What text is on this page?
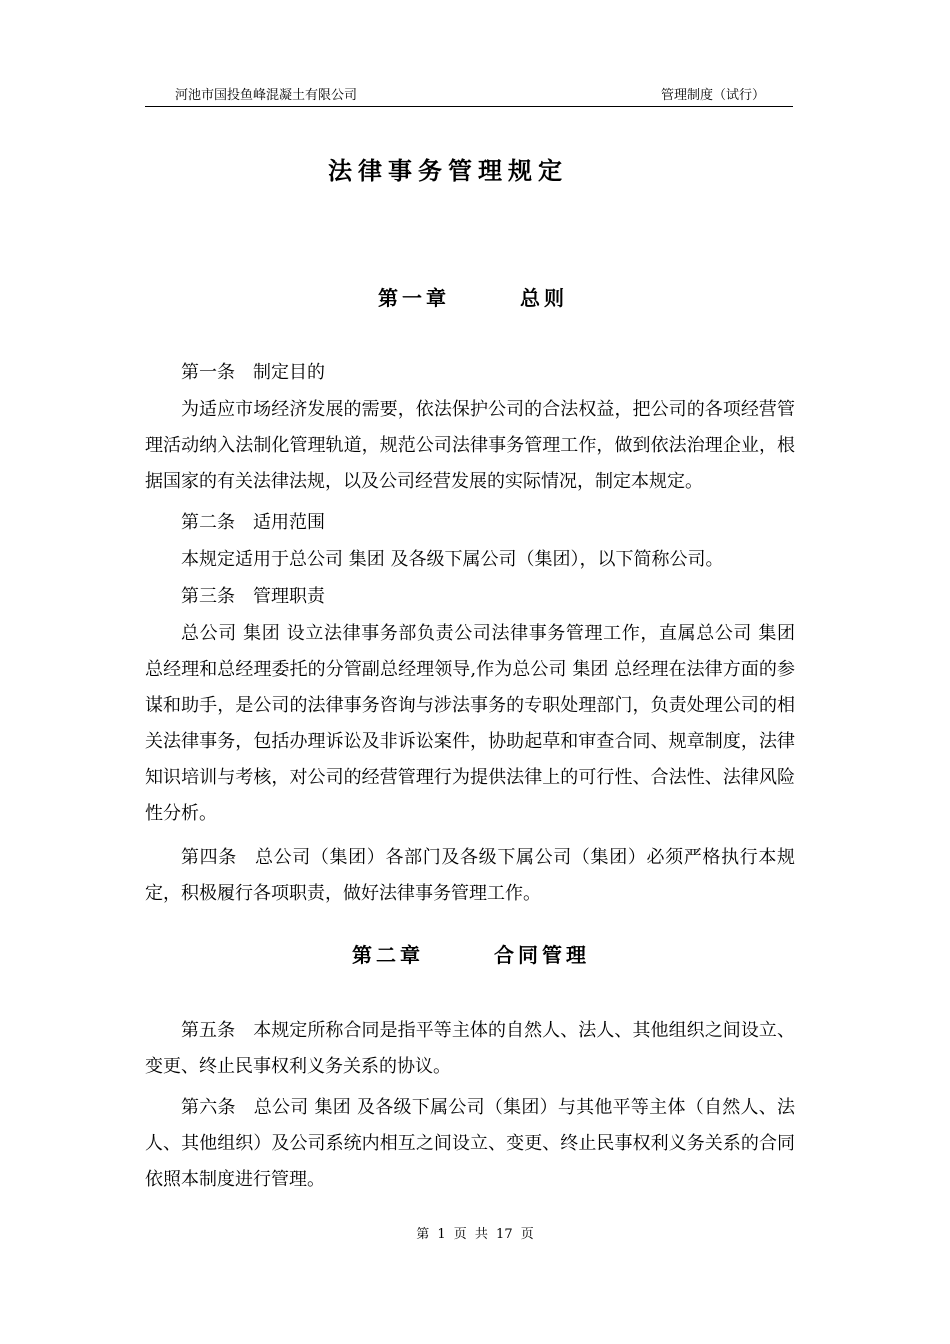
河池市国投鱼峰混凝土有限公司	管理制度（试行）
法律事务管理规定
第一章	总则
第一条 制定目的
为适应市场经济发展的需要，依法保护公司的合法权益，把公司的各项经营管理活动纳入法制化管理轨道，规范公司法律事务管理工作，做到依法治理企业，根据国家的有关法律法规，以及公司经营发展的实际情况，制定本规定。
第二条 适用范围
本规定适用于总公司 集团 及各级下属公司（集团），以下简称公司。
第三条 管理职责
总公司 集团 设立法律事务部负责公司法律事务管理工作，直属总公司 集团 总经理和总经理委托的分管副总经理领导,作为总公司 集团 总经理在法律方面的参谋和助手，是公司的法律事务咨询与涉法事务的专职处理部门，负责处理公司的相关法律事务，包括办理诉讼及非诉讼案件，协助起草和审查合同、规章制度，法律知识培训与考核，对公司的经营管理行为提供法律上的可行性、合法性、法律风险性分析。
第四条 总公司（集团）各部门及各级下属公司（集团）必须严格执行本规定，积极履行各项职责，做好法律事务管理工作。
第二章	合同管理
第五条 本规定所称合同是指平等主体的自然人、法人、其他组织之间设立、变更、终止民事权利义务关系的协议。
第六条 总公司 集团 及各级下属公司（集团）与其他平等主体（自然人、法人、其他组织）及公司系统内相互之间设立、变更、终止民事权利义务关系的合同依照本制度进行管理。
第 1 页 共 17 页
